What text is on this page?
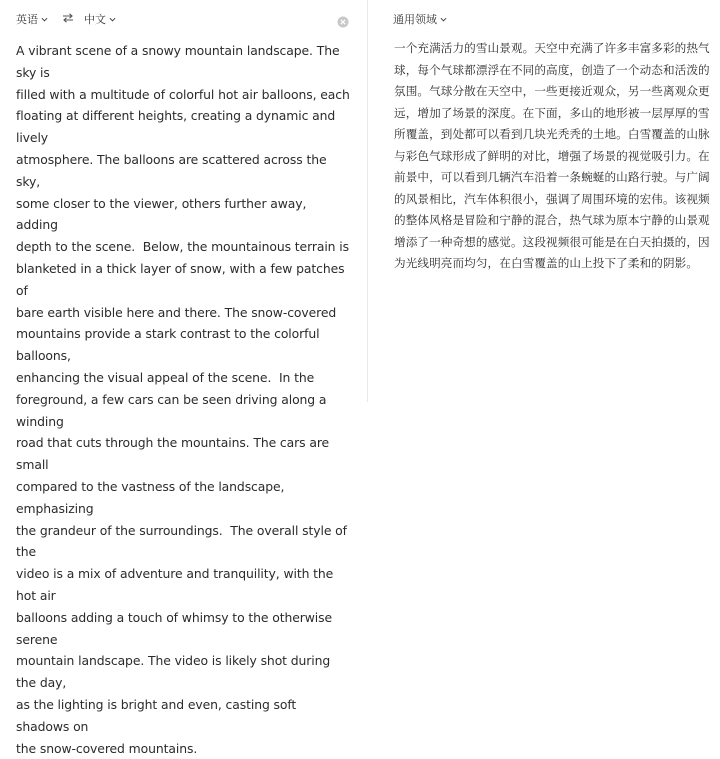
英语	中文
A vibrant scene of a snowy mountain landscape. The sky is
filled with a multitude of colorful hot air balloons, each
floating at different heights, creating a dynamic and lively
atmosphere. The balloons are scattered across the sky,
some closer to the viewer, others further away, adding
depth to the scene.  Below, the mountainous terrain is
blanketed in a thick layer of snow, with a few patches of
bare earth visible here and there. The snow-covered
mountains provide a stark contrast to the colorful balloons,
enhancing the visual appeal of the scene.  In the
foreground, a few cars can be seen driving along a winding
road that cuts through the mountains. The cars are small
compared to the vastness of the landscape, emphasizing
the grandeur of the surroundings.  The overall style of the
video is a mix of adventure and tranquility, with the hot air
balloons adding a touch of whimsy to the otherwise serene
mountain landscape. The video is likely shot during the day,
as the lighting is bright and even, casting soft shadows on
the snow-covered mountains.
通用领域
一个充满活力的雪山景观。天空中充满了许多丰富多彩的热气球，每个气球都漂浮在不同的高度，创造了一个动态和活泼的氛围。气球分散在天空中，一些更接近观众，另一些离观众更远，增加了场景的深度。在下面，多山的地形被一层厚厚的雪所覆盖，到处都可以看到几块光秃秃的土地。白雪覆盖的山脉与彩色气球形成了鲜明的对比，增强了场景的视觉吸引力。在前景中，可以看到几辆汽车沿着一条蜿蜒的山路行驶。与广阔的风景相比，汽车体积很小，强调了周围环境的宏伟。该视频的整体风格是冒险和宁静的混合，热气球为原本宁静的山景观增添了一种奇想的感觉。这段视频很可能是在白天拍摄的，因为光线明亮而均匀，在白雪覆盖的山上投下了柔和的阴影。
